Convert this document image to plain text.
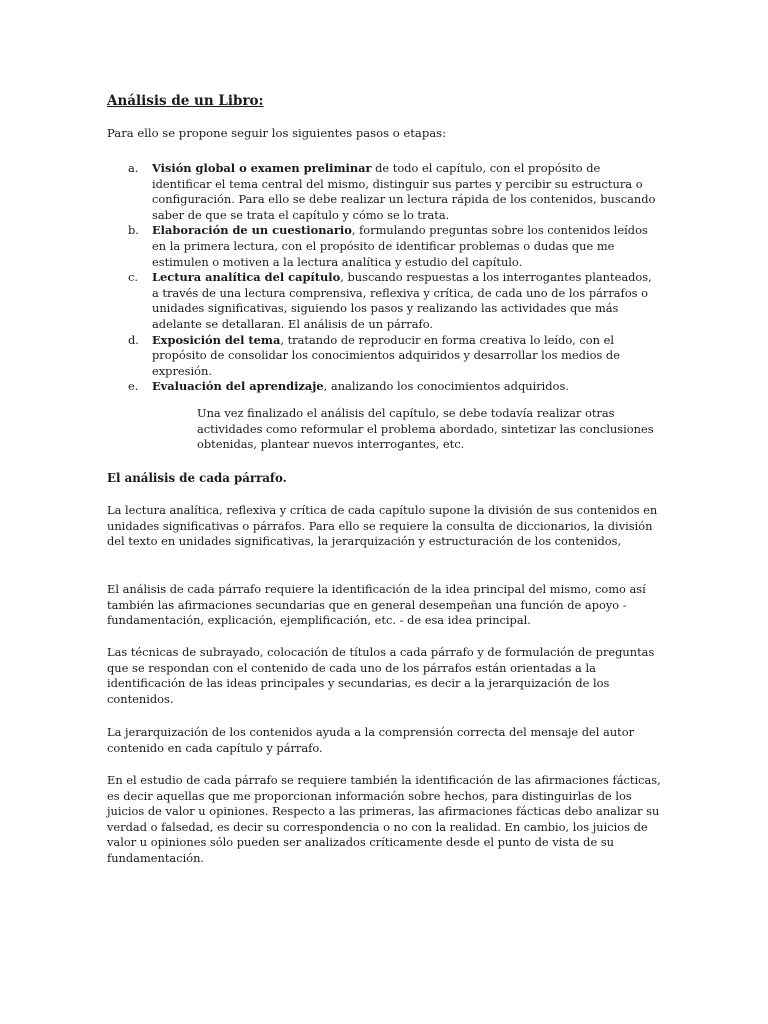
Análisis de un Libro:

Para ello se propone seguir los siguientes pasos o etapas:

a. Visión global o examen preliminar de todo el capítulo, con el propósito de identificar el tema central del mismo, distinguir sus partes y percibir su estructura o configuración. Para ello se debe realizar un lectura rápida de los contenidos, buscando saber de que se trata el capítulo y cómo se lo trata.
b. Elaboración de un cuestionario, formulando preguntas sobre los contenidos leídos en la primera lectura, con el propósito de identificar problemas o dudas que me estimulen o motiven a la lectura analítica y estudio del capítulo.
c. Lectura analítica del capítulo, buscando respuestas a los interrogantes planteados, a través de una lectura comprensiva, reflexiva y crítica, de cada uno de los párrafos o unidades significativas, siguiendo los pasos y realizando las actividades que más adelante se detallaran. El análisis de un párrafo.
d. Exposición del tema, tratando de reproducir en forma creativa lo leído, con el propósito de consolidar los conocimientos adquiridos y desarrollar los medios de expresión.
e. Evaluación del aprendizaje, analizando los conocimientos adquiridos.

Una vez finalizado el análisis del capítulo, se debe todavía realizar otras actividades como reformular el problema abordado, sintetizar las conclusiones obtenidas, plantear nuevos interrogantes, etc.

El análisis de cada párrafo.

La lectura analítica, reflexiva y crítica de cada capítulo supone la división de sus contenidos en unidades significativas o párrafos. Para ello se requiere la consulta de diccionarios, la división del texto en unidades significativas, la jerarquización y estructuración de los contenidos,

El análisis de cada párrafo requiere la identificación de la idea principal del mismo, como así también las afirmaciones secundarias que en general desempeñan una función de apoyo - fundamentación, explicación, ejemplificación, etc. - de esa idea principal.

Las técnicas de subrayado, colocación de títulos a cada párrafo y de formulación de preguntas que se respondan con el contenido de cada uno de los párrafos están orientadas a la identificación de las ideas principales y secundarias, es decir a la jerarquización de los contenidos.

La jerarquización de los contenidos ayuda a la comprensión correcta del mensaje del autor contenido en cada capítulo y párrafo.

En el estudio de cada párrafo se requiere también la identificación de las afirmaciones fácticas, es decir aquellas que me proporcionan información sobre hechos, para distinguirlas de los juicios de valor u opiniones. Respecto a las primeras, las afirmaciones fácticas debo analizar su verdad o falsedad, es decir su correspondencia o no con la realidad. En cambio, los juicios de valor u opiniones sólo pueden ser analizados críticamente desde el punto de vista de su fundamentación.
